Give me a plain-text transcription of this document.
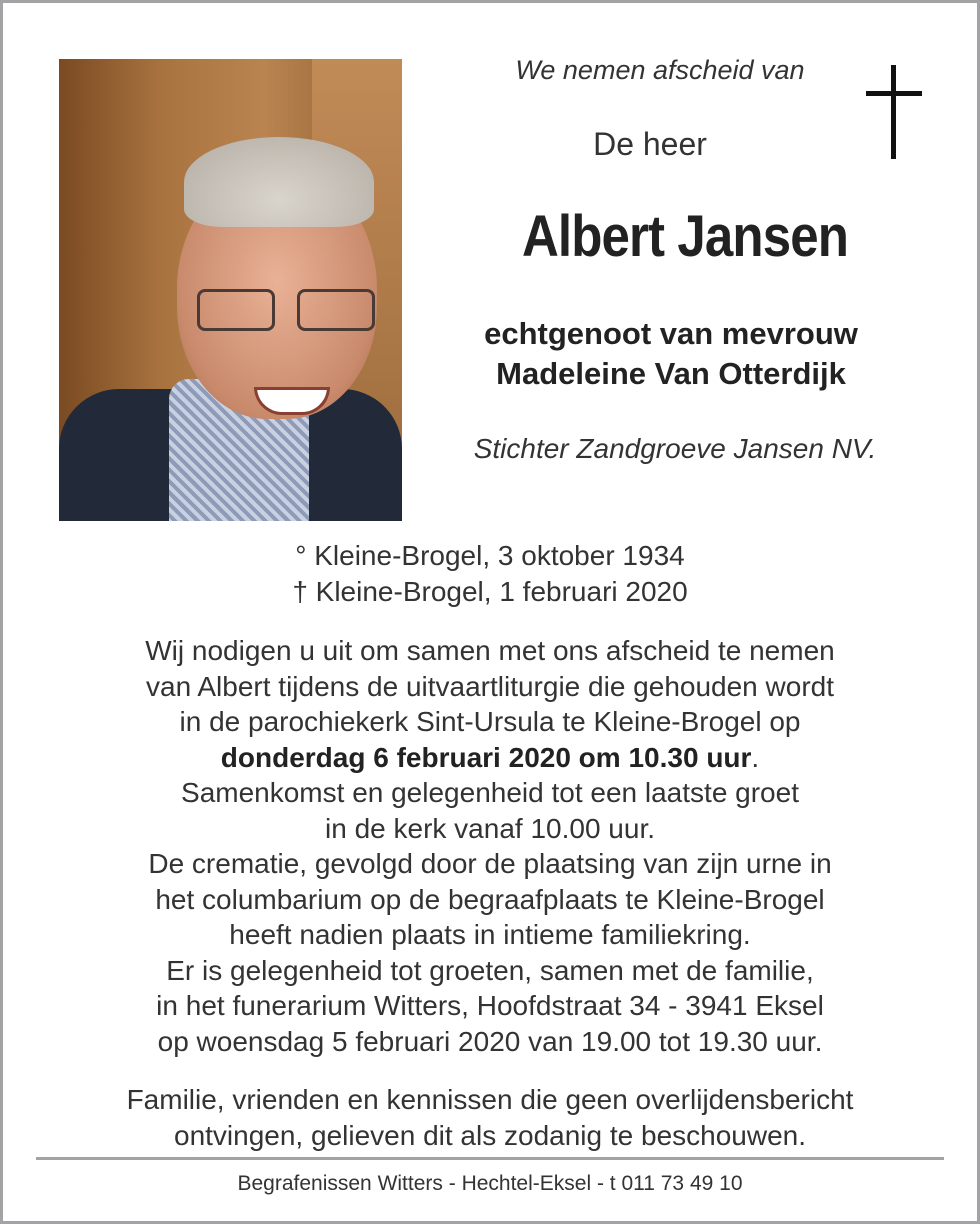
We nemen afscheid van
De heer
Albert Jansen
echtgenoot van mevrouw
Madeleine Van Otterdijk
Stichter Zandgroeve Jansen NV.
° Kleine-Brogel, 3 oktober 1934
† Kleine-Brogel, 1 februari 2020
Wij nodigen u uit om samen met ons afscheid te nemen
van Albert tijdens de uitvaartliturgie die gehouden wordt
in de parochiekerk Sint-Ursula te Kleine-Brogel op
donderdag 6 februari 2020 om 10.30 uur.
Samenkomst en gelegenheid tot een laatste groet
in de kerk vanaf 10.00 uur.
De crematie, gevolgd door de plaatsing van zijn urne in
het columbarium op de begraafplaats te Kleine-Brogel
heeft nadien plaats in intieme familiekring.
Er is gelegenheid tot groeten, samen met de familie,
in het funerarium Witters, Hoofdstraat 34 - 3941 Eksel
op woensdag 5 februari 2020 van 19.00 tot 19.30 uur.
Familie, vrienden en kennissen die geen overlijdensbericht
ontvingen, gelieven dit als zodanig te beschouwen.
Begrafenissen Witters - Hechtel-Eksel - t 011 73 49 10
